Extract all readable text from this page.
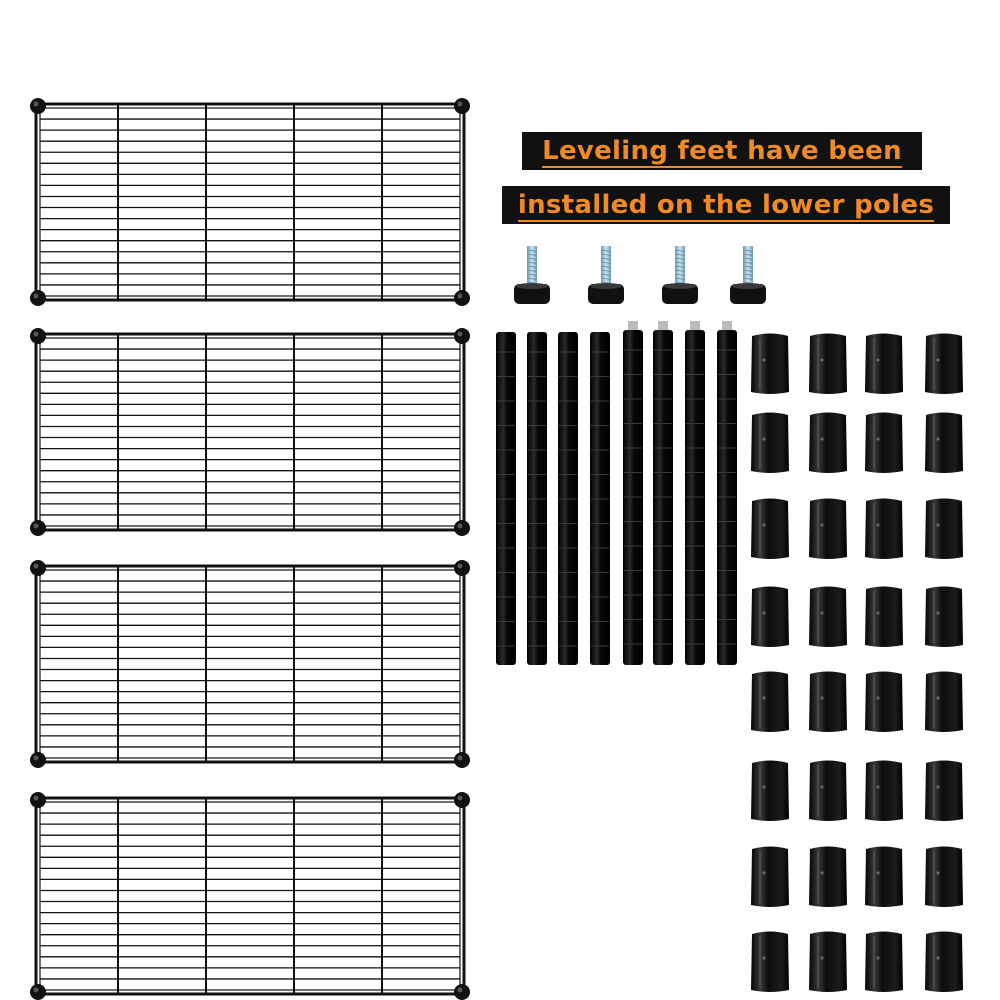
Leveling feet have been
installed on the lower poles
